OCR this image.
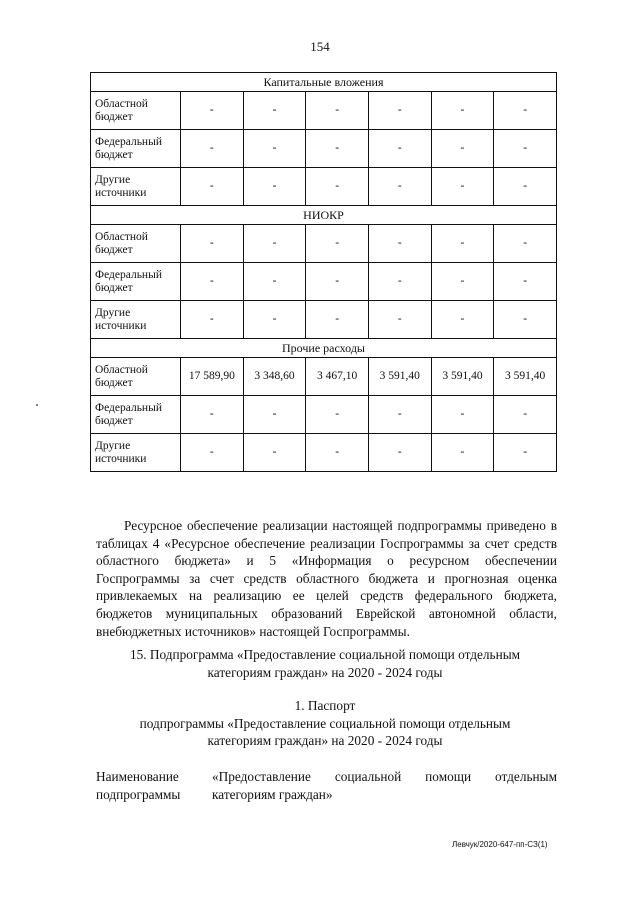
154
Капитальные вложения						
Областной бюджет	-	-	-	-	-	-
Федеральный бюджет	-	-	-	-	-	-
Другие источники	-	-	-	-	-	-
НИОКР						
Областной бюджет	-	-	-	-	-	-
Федеральный бюджет	-	-	-	-	-	-
Другие источники	-	-	-	-	-	-
Прочие расходы						
Областной бюджет	17 589,90	3 348,60	3 467,10	3 591,40	3 591,40	3 591,40
Федеральный бюджет	-	-	-	-	-	-
Другие источники	-	-	-	-	-	-

Ресурсное обеспечение реализации настоящей подпрограммы приведено в таблицах 4 «Ресурсное обеспечение реализации Госпрограммы за счет средств областного бюджета» и 5 «Информация о ресурсном обеспечении Госпрограммы за счет средств областного бюджета и прогнозная оценка привлекаемых на реализацию ее целей средств федерального бюджета, бюджетов муниципальных образований Еврейской автономной области, внебюджетных источников» настоящей Госпрограммы.

15. Подпрограмма «Предоставление социальной помощи отдельным
категориям граждан» на 2020 - 2024 годы
1. Паспорт
подпрограммы «Предоставление социальной помощи отдельным
категориям граждан» на 2020 - 2024 годы
Наименование подпрограммы
«Предоставление социальной помощи отдельным категориям граждан»
Левчук/2020-647-пп-СЗ(1)
